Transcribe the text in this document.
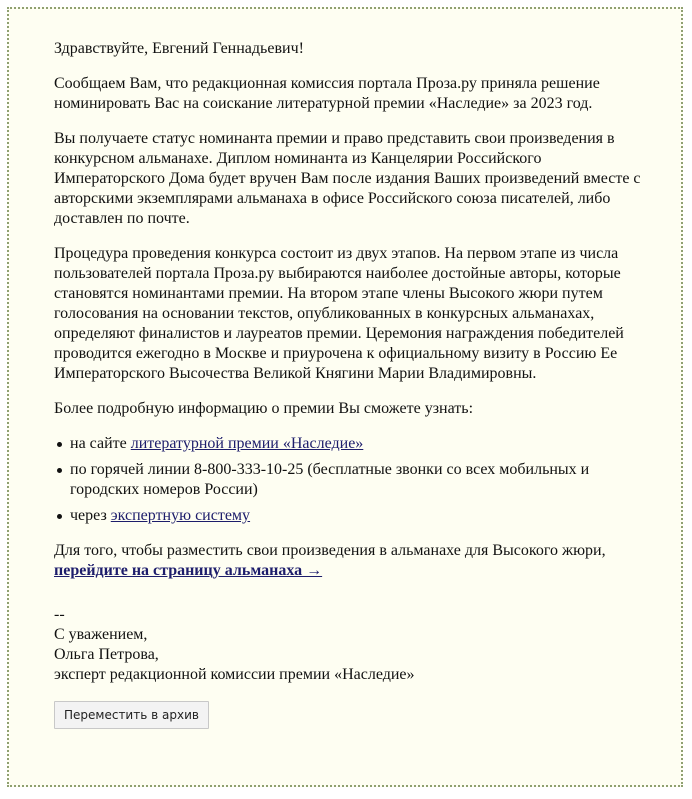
Здравствуйте, Евгений Геннадьевич!

Сообщаем Вам, что редакционная комиссия портала Проза.ру приняла решение номинировать Вас на соискание литературной премии «Наследие» за 2023 год.

Вы получаете статус номинанта премии и право представить свои произведения в конкурсном альманахе. Диплом номинанта из Канцелярии Российского Императорского Дома будет вручен Вам после издания Ваших произведений вместе с авторскими экземплярами альманаха в офисе Российского союза писателей, либо доставлен по почте.

Процедура проведения конкурса состоит из двух этапов. На первом этапе из числа пользователей портала Проза.ру выбираются наиболее достойные авторы, которые становятся номинантами премии. На втором этапе члены Высокого жюри путем голосования на основании текстов, опубликованных в конкурсных альманахах, определяют финалистов и лауреатов премии. Церемония награждения победителей проводится ежегодно в Москве и приурочена к официальному визиту в Россию Ее Императорского Высочества Великой Княгини Марии Владимировны.

Более подробную информацию о премии Вы сможете узнать:

на сайте литературной премии «Наследие»
по горячей линии 8-800-333-10-25 (бесплатные звонки со всех мобильных и городских номеров России)
через экспертную систему

Для того, чтобы разместить свои произведения в альманахе для Высокого жюри, перейдите на страницу альманаха →

--
С уважением,
Ольга Петрова,
эксперт редакционной комиссии премии «Наследие»
Переместить в архив
